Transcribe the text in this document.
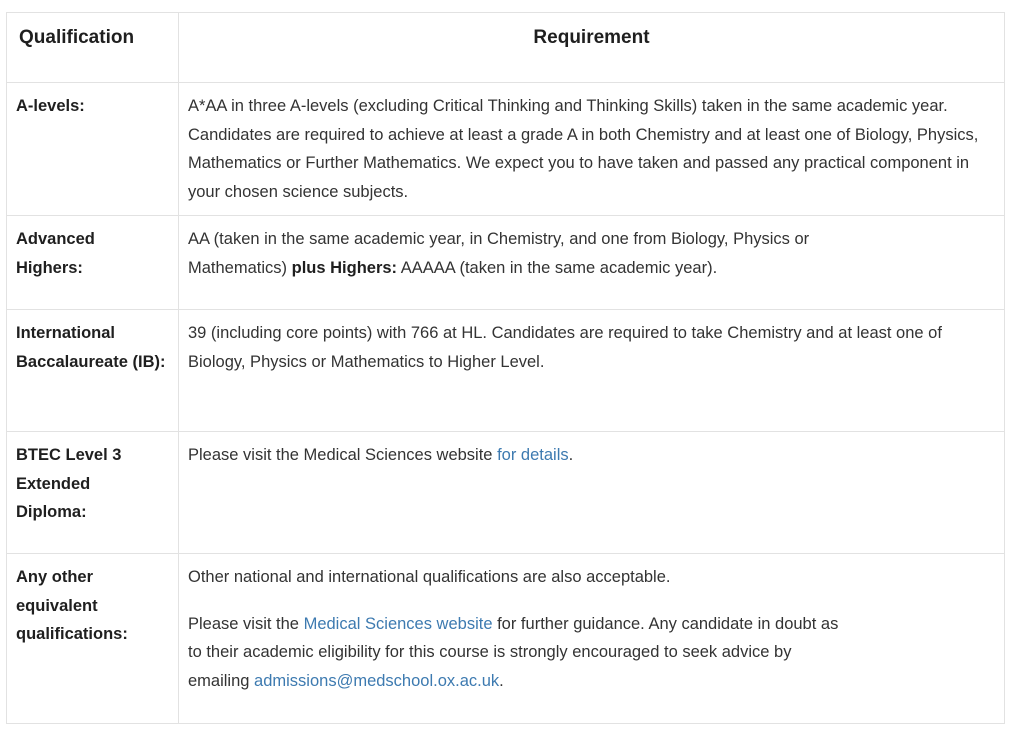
Qualification	Requirement
A-levels:	A*AA in three A-levels (excluding Critical Thinking and Thinking Skills) taken in the same academic year. Candidates are required to achieve at least a grade A in both Chemistry and at least one of Biology, Physics, Mathematics or Further Mathematics. We expect you to have taken and passed any practical component in your chosen science subjects.
Advanced Highers:	AA (taken in the same academic year, in Chemistry, and one from Biology, Physics or Mathematics) plus Highers: AAAAA (taken in the same academic year).
International Baccalaureate (IB):	39 (including core points) with 766 at HL. Candidates are required to take Chemistry and at least one of Biology, Physics or Mathematics to Higher Level.
BTEC Level 3 Extended Diploma:	Please visit the Medical Sciences website for details.
Any other equivalent qualifications:	Other national and international qualifications are also acceptable.

Please visit the Medical Sciences website for further guidance. Any candidate in doubt as to their academic eligibility for this course is strongly encouraged to seek advice by emailing admissions@medschool.ox.ac.uk.
